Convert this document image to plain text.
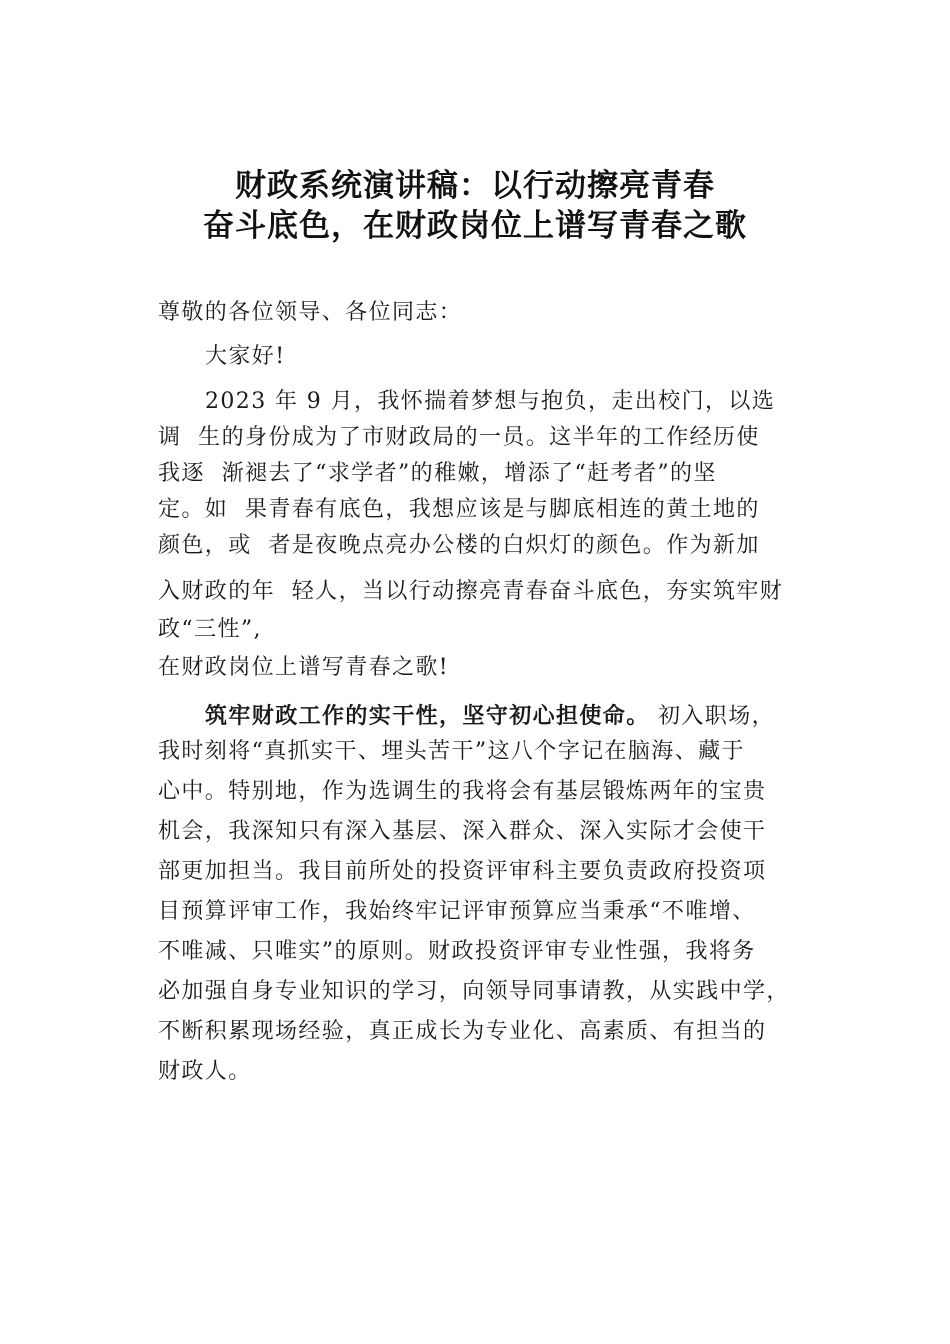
财政系统演讲稿：以行动擦亮青春
奋斗底色，在财政岗位上谱写青春之歌
尊敬的各位领导、各位同志：
大家好!
2023 年 9 月，我怀揣着梦想与抱负，走出校门，以选
调  生的身份成为了市财政局的一员。这半年的工作经历使
我逐  渐褪去了“求学者”的稚嫩，增添了“赶考者”的坚
定。如  果青春有底色，我想应该是与脚底相连的黄土地的
颜色，或  者是夜晚点亮办公楼的白炽灯的颜色。作为新加
入财政的年  轻人，当以行动擦亮青春奋斗底色，夯实筑牢财
政“三性”,
在财政岗位上谱写青春之歌!
筑牢财政工作的实干性，坚守初心担使命。 初入职场，
我时刻将“真抓实干、埋头苦干”这八个字记在脑海、藏于
心中。特别地，作为选调生的我将会有基层锻炼两年的宝贵
机会，我深知只有深入基层、深入群众、深入实际才会使干
部更加担当。我目前所处的投资评审科主要负责政府投资项
目预算评审工作，我始终牢记评审预算应当秉承“不唯增、
不唯减、只唯实”的原则。财政投资评审专业性强，我将务
必加强自身专业知识的学习，向领导同事请教，从实践中学，
不断积累现场经验，真正成长为专业化、高素质、有担当的
财政人。
